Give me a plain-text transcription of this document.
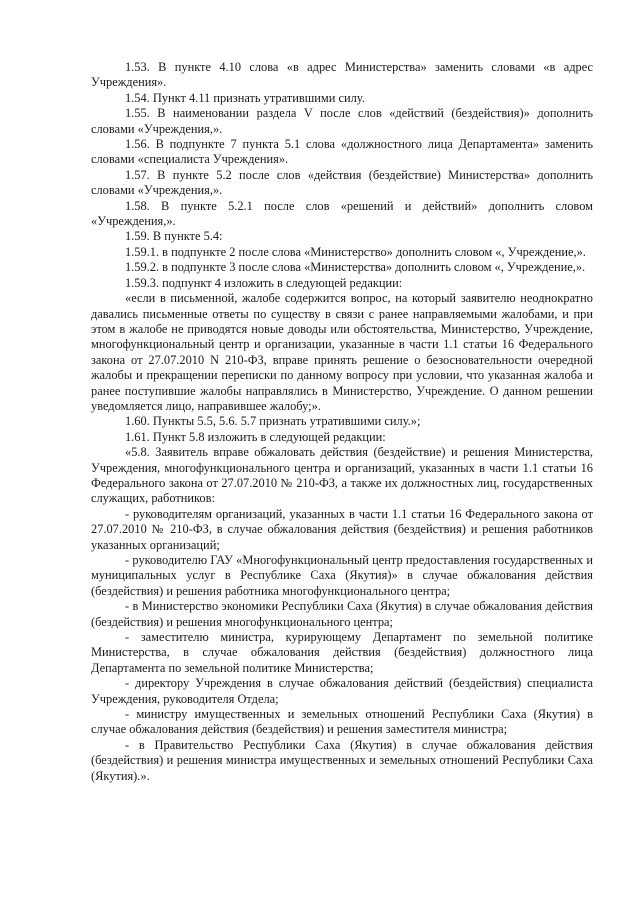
1.53. В пункте 4.10 слова «в адрес Министерства» заменить словами «в адрес Учреждения».

1.54. Пункт 4.11 признать утратившими силу.

1.55. В наименовании раздела V после слов «действий (бездействия)» дополнить словами «Учреждения,».

1.56. В подпункте 7 пункта 5.1 слова «должностного лица Департамента» заменить словами «специалиста Учреждения».

1.57. В пункте 5.2 после слов «действия (бездействие) Министерства» дополнить словами «Учреждения,».

1.58. В пункте 5.2.1 после слов «решений и действий» дополнить словом «Учреждения,».

1.59. В пункте 5.4:

1.59.1. в подпункте 2 после слова «Министерство» дополнить словом «, Учреждение,».

1.59.2. в подпункте 3 после слова «Министерства» дополнить словом «, Учреждение,».

1.59.3. подпункт 4 изложить в следующей редакции:

«если в письменной, жалобе содержится вопрос, на который заявителю неоднократно давались письменные ответы по существу в связи с ранее направляемыми жалобами, и при этом в жалобе не приводятся новые доводы или обстоятельства, Министерство, Учреждение, многофункциональный центр и организации, указанные в части 1.1 статьи 16 Федерального закона от 27.07.2010 N 210-ФЗ, вправе принять решение о безосновательности очередной жалобы и прекращении переписки по данному вопросу при условии, что указанная жалоба и ранее поступившие жалобы направлялись в Министерство, Учреждение. О данном решении уведомляется лицо, направившее жалобу;».

1.60. Пункты 5.5, 5.6. 5.7 признать утратившими силу.»;

1.61. Пункт 5.8 изложить в следующей редакции:

«5.8. Заявитель вправе обжаловать действия (бездействие) и решения Министерства, Учреждения, многофункционального центра и организаций, указанных в части 1.1 статьи 16 Федерального закона от 27.07.2010 № 210-ФЗ, а также их должностных лиц, государственных служащих, работников:

- руководителям организаций, указанных в части 1.1 статьи 16 Федерального закона от 27.07.2010 № 210-ФЗ, в случае обжалования действия (бездействия) и решения работников указанных организаций;

- руководителю ГАУ «Многофункциональный центр предоставления государственных и муниципальных услуг в Республике Саха (Якутия)» в случае обжалования действия (бездействия) и решения работника многофункционального центра;

- в Министерство экономики Республики Саха (Якутия) в случае обжалования действия (бездействия) и решения многофункционального центра;

- заместителю министра, курирующему Департамент по земельной политике Министерства, в случае обжалования действия (бездействия) должностного лица Департамента по земельной политике Министерства;

- директору Учреждения в случае обжалования действий (бездействия) специалиста Учреждения, руководителя Отдела;

- министру имущественных и земельных отношений Республики Саха (Якутия) в случае обжалования действия (бездействия) и решения заместителя министра;

- в Правительство Республики Саха (Якутия) в случае обжалования действия (бездействия) и решения министра имущественных и земельных отношений Республики Саха (Якутия).».
